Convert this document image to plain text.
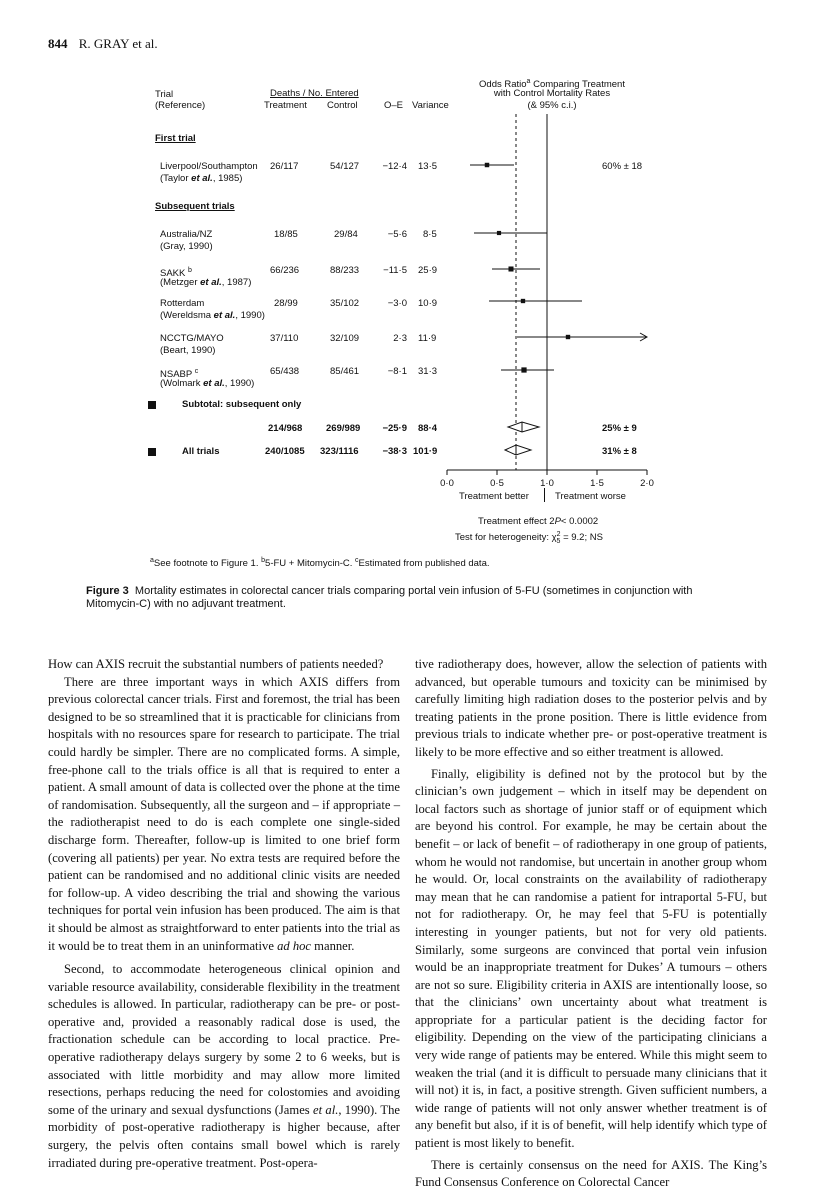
844 R. GRAY et al.
Trial
(Reference)
Deaths / No. Entered
Treatment Control	O–E Variance
Odds Ratio$^a$ Comparing Treatment
with Control Mortality Rates
(& 95% c.i.)
First trial
Subsequent trials
Liverpool/Southampton
(Taylor et al., 1985)
26/117	54/127	−12·4 13·5	60% ± 18
Australia/NZ
(Gray, 1990)
18/85	29/84	−5·6 8·5
SAKK $^b$
(Metzger et al., 1987)
66/236	88/233	−11·5 25·9
Rotterdam
(Wereldsma et al., 1990)
28/99	35/102	−3·0 10·9
NCCTG/MAYO
(Beart, 1990)
37/110	32/109	2·3 11·9
NSABP $^c$
(Wolmark et al., 1990)
65/438	85/461	−8·1 31·3
Subtotal: subsequent only
214/968 269/989	−25·9 88·4	25% ± 9
All trials	240/1085 323/1116	−38·3 101·9	31% ± 8
Treatment better	Treatment worse
Treatment effect 2P< 0.0002
Test for heterogeneity: $\chi^2_5 = 9.2$; NS
$^a$See footnote to Figure 1. $^b$5-FU + Mitomycin-C. $^c$Estimated from published data.
0·0	0·5	1·0	1·5	2·0
Figure 3 Mortality estimates in colorectal cancer trials comparing portal vein infusion of 5-FU (sometimes in conjunction with Mitomycin-C) with no adjuvant treatment.

How can AXIS recruit the substantial numbers of patients needed?

There are three important ways in which AXIS differs from previous colorectal cancer trials. First and foremost, the trial has been designed to be so streamlined that it is practicable for clinicians from hospitals with no resources spare for research to participate. The trial could hardly be simpler. There are no complicated forms. A simple, free-phone call to the trials office is all that is required to enter a patient. A small amount of data is collected over the phone at the time of randomisation. Subsequently, all the surgeon and – if appropriate – the radiotherapist need to do is each complete one single-sided discharge form. Thereafter, follow-up is limited to one brief form (covering all patients) per year. No extra tests are required before the patient can be randomised and no additional clinic visits are needed for follow-up. A video describing the trial and showing the various techniques for portal vein infusion has been produced. The aim is that it should be almost as straightforward to enter patients into the trial as it would be to treat them in an uninformative ad hoc manner.

Second, to accommodate heterogeneous clinical opinion and variable resource availability, considerable flexibility in the treatment schedules is allowed. In particular, radiotherapy can be pre- or post-operative and, provided a reasonably radical dose is used, the fractionation schedule can be according to local practice. Pre-operative radiotherapy delays surgery by some 2 to 6 weeks, but is associated with little morbidity and may allow more limited resections, perhaps reducing the need for colostomies and avoiding some of the urinary and sexual dysfunctions (James et al., 1990). The morbidity of post-operative radiotherapy is higher because, after surgery, the pelvis often contains small bowel which is rarely irradiated during pre-operative treatment. Post-opera-

tive radiotherapy does, however, allow the selection of patients with advanced, but operable tumours and toxicity can be minimised by carefully limiting high radiation doses to the posterior pelvis and by treating patients in the prone position. There is little evidence from previous trials to indicate whether pre- or post-operative treatment is likely to be more effective and so either treatment is allowed.

Finally, eligibility is defined not by the protocol but by the clinician’s own judgement – which in itself may be dependent on local factors such as shortage of junior staff or of equipment which are beyond his control. For example, he may be certain about the benefit – or lack of benefit – of radiotherapy in one group of patients, whom he would not randomise, but uncertain in another group whom he would. Or, local constraints on the availability of radiotherapy may mean that he can randomise a patient for intraportal 5-FU, but not for radiotherapy. Or, he may feel that 5-FU is potentially interesting in younger patients, but not for very old patients. Similarly, some surgeons are convinced that portal vein infusion would be an inappropriate treatment for Dukes’ A tumours – others are not so sure. Eligibility criteria in AXIS are intentionally loose, so that the clinicians’ own uncertainty about what treatment is appropriate for a particular patient is the deciding factor for eligibility. Depending on the view of the participating clinicians a very wide range of patients may be entered. While this might seem to weaken the trial (and it is difficult to persuade many clinicians that it will not) it is, in fact, a positive strength. Given sufficient numbers, a wide range of patients will not only answer whether treatment is of any benefit but also, if it is of benefit, will help identify which type of patient is most likely to benefit.

There is certainly consensus on the need for AXIS. The King’s Fund Consensus Conference on Colorectal Cancer
